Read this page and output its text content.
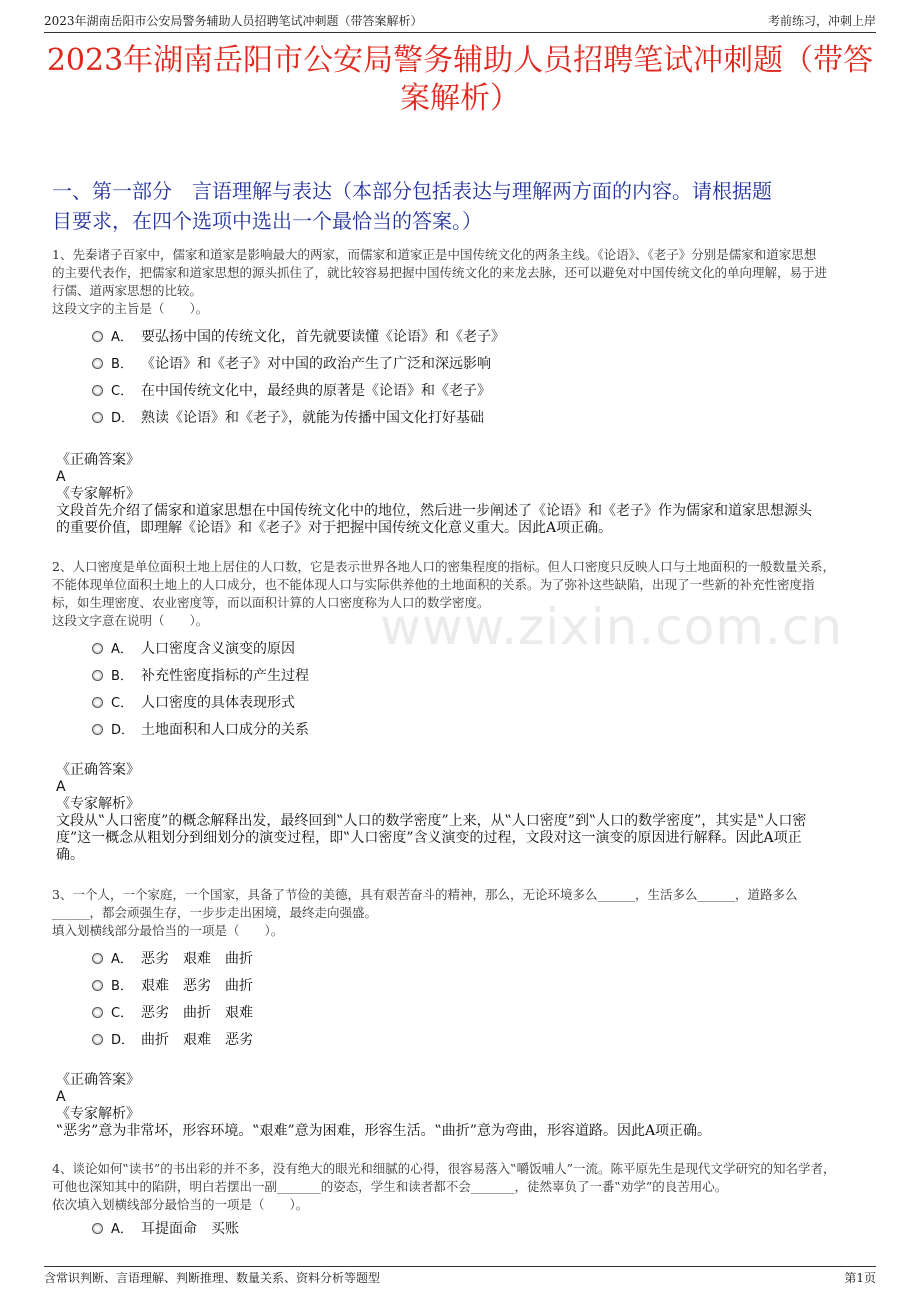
2023年湖南岳阳市公安局警务辅助人员招聘笔试冲刺题（带答案解析）	考前练习，冲刺上岸
2023年湖南岳阳市公安局警务辅助人员招聘笔试冲刺题（带答
案解析）
一、第一部分　言语理解与表达（本部分包括表达与理解两方面的内容。请根据题
目要求，在四个选项中选出一个最恰当的答案。）
www.zixin.com.cn

1、先秦诸子百家中，儒家和道家是影响最大的两家，而儒家和道家正是中国传统文化的两条主线。《论语》、《老子》分别是儒家和道家思想

的主要代表作，把儒家和道家思想的源头抓住了，就比较容易把握中国传统文化的来龙去脉，还可以避免对中国传统文化的单向理解，易于进

行儒、道两家思想的比较。

这段文字的主旨是（　　）。

A． 要弘扬中国的传统文化，首先就要读懂《论语》和《老子》
B． 《论语》和《老子》对中国的政治产生了广泛和深远影响
C． 在中国传统文化中，最经典的原著是《论语》和《老子》
D． 熟读《论语》和《老子》，就能为传播中国文化打好基础

《正确答案》

A

《专家解析》

文段首先介绍了儒家和道家思想在中国传统文化中的地位，然后进一步阐述了《论语》和《老子》作为儒家和道家思想源头

的重要价值，即理解《论语》和《老子》对于把握中国传统文化意义重大。因此A项正确。

2、人口密度是单位面积土地上居住的人口数，它是表示世界各地人口的密集程度的指标。但人口密度只反映人口与土地面积的一般数量关系，

不能体现单位面积土地上的人口成分，也不能体现人口与实际供养他的土地面积的关系。为了弥补这些缺陷，出现了一些新的补充性密度指

标，如生理密度、农业密度等，而以面积计算的人口密度称为人口的数学密度。

这段文字意在说明（　　）。

A． 人口密度含义演变的原因
B． 补充性密度指标的产生过程
C． 人口密度的具体表现形式
D． 土地面积和人口成分的关系

《正确答案》

A

《专家解析》

文段从‟人口密度”的概念解释出发，最终回到‟人口的数学密度”上来，从‟人口密度”到‟人口的数学密度”，其实是‟人口密

度”这一概念从粗划分到细划分的演变过程，即‟人口密度”含义演变的过程，文段对这一演变的原因进行解释。因此A项正

确。

3、一个人，一个家庭，一个国家，具备了节俭的美德，具有艰苦奋斗的精神，那么，无论环境多么______，生活多么______，道路多么

______，都会顽强生存，一步步走出困境，最终走向强盛。

填入划横线部分最恰当的一项是（　　）。

A． 恶劣　艰难　曲折
B． 艰难　恶劣　曲折
C． 恶劣　曲折　艰难
D． 曲折　艰难　恶劣

《正确答案》

A

《专家解析》

‟恶劣”意为非常坏，形容环境。‟艰难”意为困难，形容生活。‟曲折”意为弯曲，形容道路。因此A项正确。

4、谈论如何‟读书”的书出彩的并不多，没有绝大的眼光和细腻的心得，很容易落入‟嚼饭哺人”一流。陈平原先生是现代文学研究的知名学者，

可他也深知其中的陷阱，明白若摆出一副_______的姿态，学生和读者都不会_______，徒然辜负了一番‟劝学”的良苦用心。

依次填入划横线部分最恰当的一项是（　　）。

A． 耳提面命　买账
含常识判断、言语理解、判断推理、数量关系、资料分析等题型	第1页
